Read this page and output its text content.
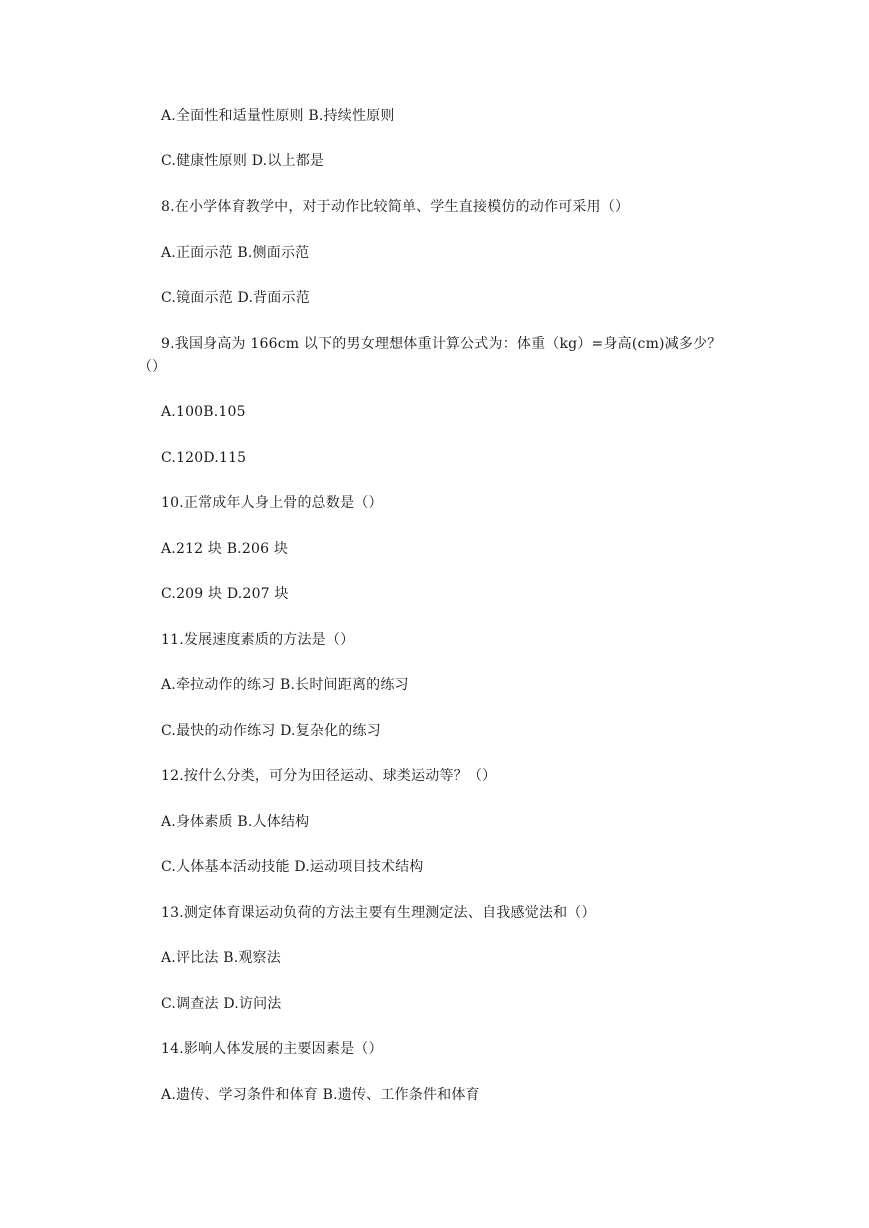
A.全面性和适量性原则 B.持续性原则
C.健康性原则 D.以上都是
8.在小学体育教学中，对于动作比较简单、学生直接模仿的动作可采用（）
A.正面示范 B.侧面示范
C.镜面示范 D.背面示范
9.我国身高为 166cm 以下的男女理想体重计算公式为：体重（kg）=身高(cm)减多少？
（）
A.100B.105
C.120D.115
10.正常成年人身上骨的总数是（）
A.212 块 B.206 块
C.209 块 D.207 块
11.发展速度素质的方法是（）
A.牵拉动作的练习 B.长时间距离的练习
C.最快的动作练习 D.复杂化的练习
12.按什么分类，可分为田径运动、球类运动等？（）
A.身体素质 B.人体结构
C.人体基本活动技能 D.运动项目技术结构
13.测定体育课运动负荷的方法主要有生理测定法、自我感觉法和（）
A.评比法 B.观察法
C.调查法 D.访问法
14.影响人体发展的主要因素是（）
A.遗传、学习条件和体育 B.遗传、工作条件和体育
